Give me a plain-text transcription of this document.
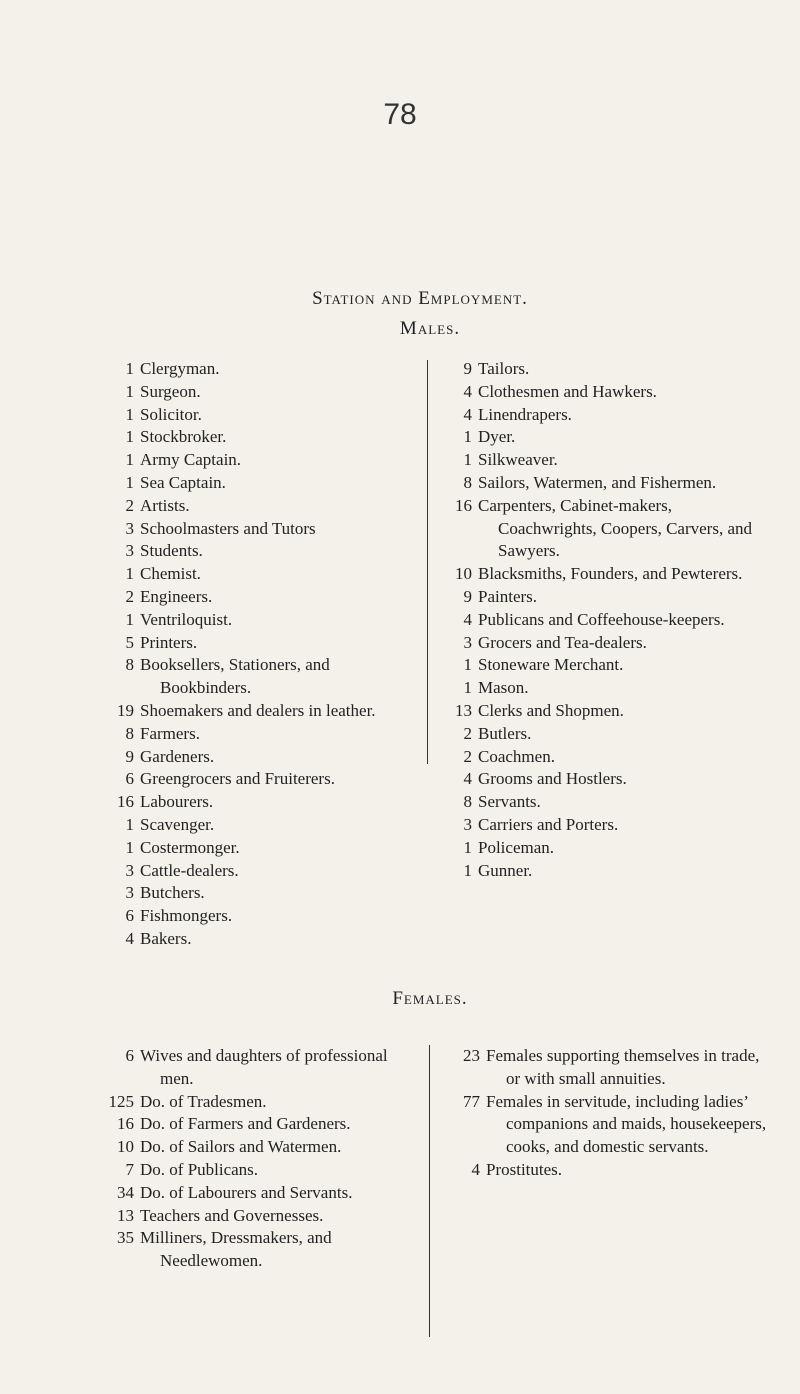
78
Station and Employment.
Males.
1 Clergyman.
1 Surgeon.
1 Solicitor.
1 Stockbroker.
1 Army Captain.
1 Sea Captain.
2 Artists.
3 Schoolmasters and Tutors
3 Students.
1 Chemist.
2 Engineers.
1 Ventriloquist.
5 Printers.
8 Booksellers, Stationers, and Bookbinders.
19 Shoemakers and dealers in leather.
8 Farmers.
9 Gardeners.
6 Greengrocers and Fruiterers.
16 Labourers.
1 Scavenger.
1 Costermonger.
3 Cattle-dealers.
3 Butchers.
6 Fishmongers.
4 Bakers.
9 Tailors.
4 Clothesmen and Hawkers.
4 Linendrapers.
1 Dyer.
1 Silkweaver.
8 Sailors, Watermen, and Fishermen.
16 Carpenters, Cabinet-makers, Coachwrights, Coopers, Carvers, and Sawyers.
10 Blacksmiths, Founders, and Pewterers.
9 Painters.
4 Publicans and Coffeehouse-keepers.
3 Grocers and Tea-dealers.
1 Stoneware Merchant.
1 Mason.
13 Clerks and Shopmen.
2 Butlers.
2 Coachmen.
4 Grooms and Hostlers.
8 Servants.
3 Carriers and Porters.
1 Policeman.
1 Gunner.
Females.
6 Wives and daughters of professional men.
125 Do. of Tradesmen.
16 Do. of Farmers and Gardeners.
10 Do. of Sailors and Watermen.
7 Do. of Publicans.
34 Do. of Labourers and Servants.
13 Teachers and Governesses.
35 Milliners, Dressmakers, and Needlewomen.
23 Females supporting themselves in trade, or with small annuities.
77 Females in servitude, including ladies’ companions and maids, housekeepers, cooks, and domestic servants.
4 Prostitutes.
